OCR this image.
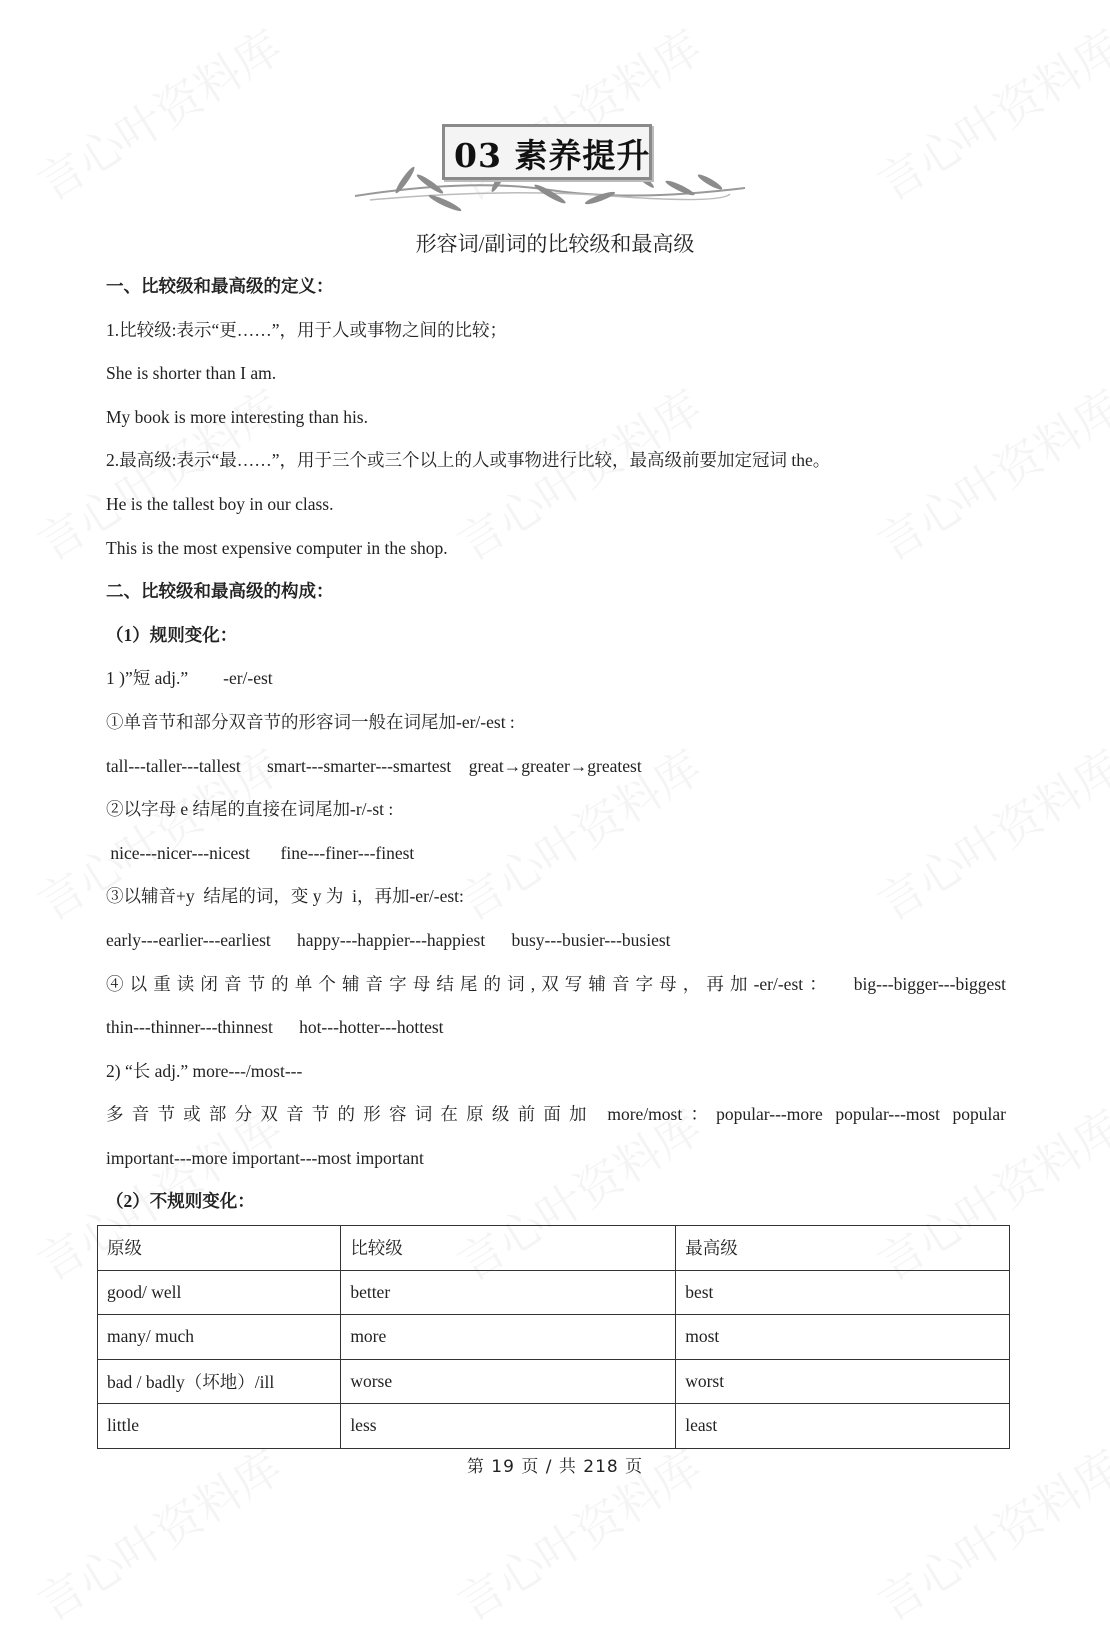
03 素养提升
形容词/副词的比较级和最高级
一、比较级和最高级的定义：
1.比较级:表示“更……”，用于人或事物之间的比较；
She is shorter than I am.
My book is more interesting than his.
2.最高级:表示“最……”，用于三个或三个以上的人或事物进行比较，最高级前要加定冠词 the。
He is the tallest boy in our class.
This is the most expensive computer in the shop.
二、比较级和最高级的构成：
（1）规则变化：
1 )”短 adj.”        -er/-est
①单音节和部分双音节的形容词一般在词尾加-er/-est :
tall---taller---tallest      smart---smarter---smartest    great→greater→greatest
②以字母 e 结尾的直接在词尾加-r/-st :
nice---nicer---nicest       fine---finer---finest
③以辅音+y  结尾的词，变 y 为  i，再加-er/-est:
early---earlier---earliest      happy---happier---happiest      busy---busier---busiest
④以重读闭音节的单个辅音字母结尾的词,双写辅音字母，再加-er/-est：  big---bigger---biggest
thin---thinner---thinnest      hot---hotter---hottest
2) “长 adj.” more---/most---
多音节或部分双音节的形容词在原级前面加 more/most：popular---more popular---most popular
important---more important---most important
（2）不规则变化：
原级	比较级	最高级
good/ well	better	best
many/ much	more	most
bad / badly（坏地）/ill	worse	worst
little	less	least
第 19 页 / 共 218 页
